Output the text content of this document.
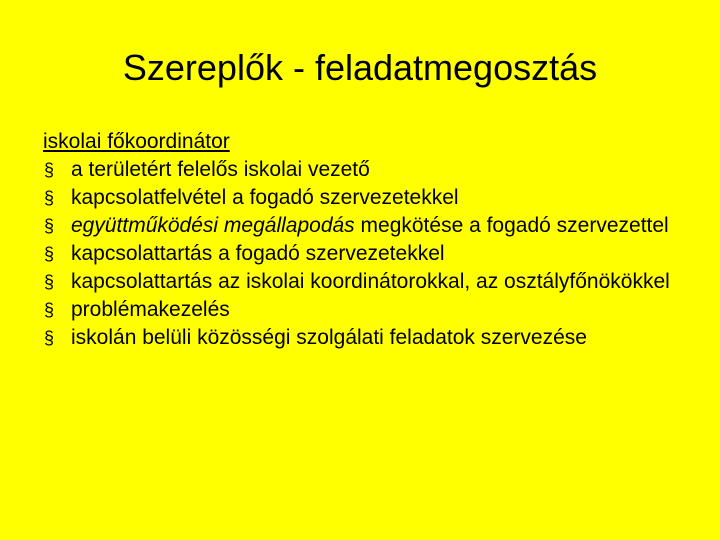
Szereplők - feladatmegosztás
iskolai főkoordinátor
§ a területért felelős iskolai vezető
§ kapcsolatfelvétel a fogadó szervezetekkel
§ együttműködési megállapodás megkötése a fogadó szervezettel
§ kapcsolattartás a fogadó szervezetekkel
§ kapcsolattartás az iskolai koordinátorokkal, az osztályfőnökökkel
§ problémakezelés
§ iskolán belüli közösségi szolgálati feladatok szervezése
